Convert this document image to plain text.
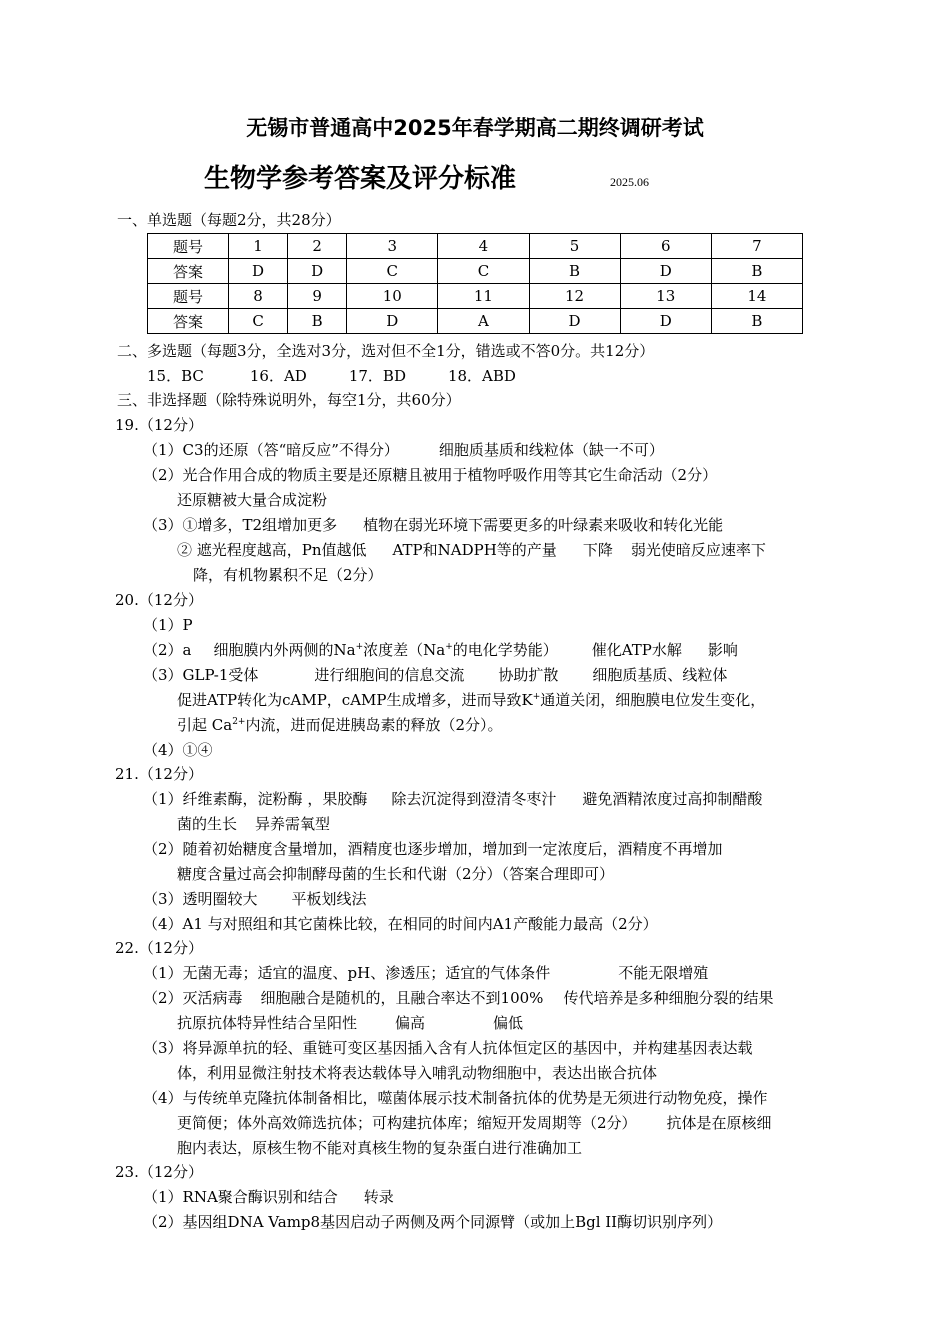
无锡市普通高中2025年春学期高二期终调研考试
生物学参考答案及评分标准	2025.06
一、单选题（每题2分，共28分）
题号	1	2	3	4	5	6	7
答案	D	D	C	C	B	D	B
题号	8	9	10	11	12	13	14
答案	C	B	D	A	D	D	B
二、多选题（每题3分，全选对3分，选对但不全1分，错选或不答0分。共12分）
15．BC	16．AD	17．BD	18．ABD
三、非选择题（除特殊说明外，每空1分，共60分）
19.（12分）
（1）C3的还原（答“暗反应”不得分）	细胞质基质和线粒体（缺一不可）
（2）光合作用合成的物质主要是还原糖且被用于植物呼吸作用等其它生命活动（2分）
还原糖被大量合成淀粉
（3）①增多，T2组增加更多 植物在弱光环境下需要更多的叶绿素来吸收和转化光能
② 遮光程度越高，Pn值越低 ATP和NADPH等的产量 下降 弱光使暗反应速率下
降，有机物累积不足（2分）
20.（12分）
（1）P
（2）a 细胞膜内外两侧的Na+浓度差（Na+的电化学势能） 催化ATP水解 影响
（3）GLP-1受体	进行细胞间的信息交流 协助扩散 细胞质基质、线粒体
促进ATP转化为cAMP，cAMP生成增多，进而导致K+通道关闭，细胞膜电位发生变化，
引起 $Ca^{2+}$内流，进而促进胰岛素的释放（2分）。
（4）①④
21.（12分）
（1）纤维素酶，淀粉酶 ，果胶酶 除去沉淀得到澄清冬枣汁 避免酒精浓度过高抑制醋酸
菌的生长 异养需氧型
（2）随着初始糖度含量增加，酒精度也逐步增加，增加到一定浓度后，酒精度不再增加
糖度含量过高会抑制酵母菌的生长和代谢（2分）（答案合理即可）
（3）透明圈较大 平板划线法
（4）A1 与对照组和其它菌株比较，在相同的时间内A1产酸能力最高（2分）
22.（12分）
（1）无菌无毒；适宜的温度、pH、渗透压；适宜的气体条件	不能无限增殖
（2）灭活病毒 细胞融合是随机的，且融合率达不到100% 传代培养是多种细胞分裂的结果
抗原抗体特异性结合呈阳性	偏高	偏低
（3）将异源单抗的轻、重链可变区基因插入含有人抗体恒定区的基因中，并构建基因表达载
体，利用显微注射技术将表达载体导入哺乳动物细胞中，表达出嵌合抗体
（4）与传统单克隆抗体制备相比，噬菌体展示技术制备抗体的优势是无须进行动物免疫，操作
更简便；体外高效筛选抗体；可构建抗体库；缩短开发周期等（2分） 抗体是在原核细
胞内表达，原核生物不能对真核生物的复杂蛋白进行准确加工
23.（12分）
（1）RNA聚合酶识别和结合 转录
（2）基因组DNA Vamp8基因启动子两侧及两个同源臂（或加上Bgl II酶切识别序列）
